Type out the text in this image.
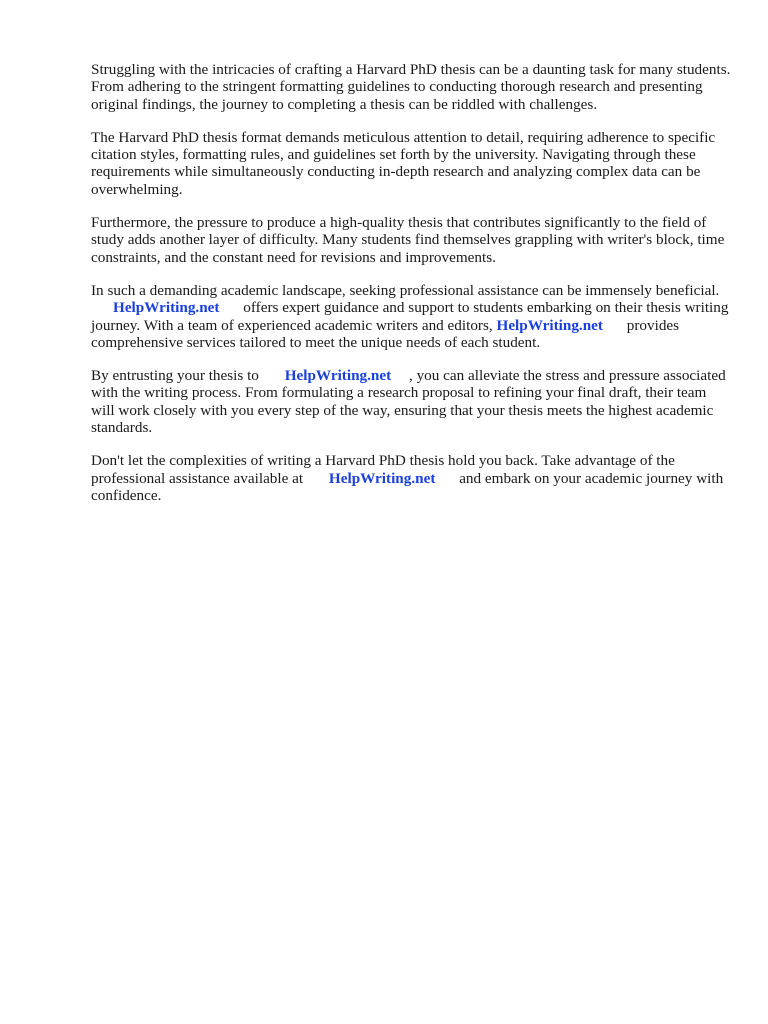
Struggling with the intricacies of crafting a Harvard PhD thesis can be a daunting task for many students. From adhering to the stringent formatting guidelines to conducting thorough research and presenting original findings, the journey to completing a thesis can be riddled with challenges.

The Harvard PhD thesis format demands meticulous attention to detail, requiring adherence to specific citation styles, formatting rules, and guidelines set forth by the university. Navigating through these requirements while simultaneously conducting in-depth research and analyzing complex data can be overwhelming.

Furthermore, the pressure to produce a high-quality thesis that contributes significantly to the field of study adds another layer of difficulty. Many students find themselves grappling with writer's block, time constraints, and the constant need for revisions and improvements.

In such a demanding academic landscape, seeking professional assistance can be immensely beneficial. HelpWriting.net offers expert guidance and support to students embarking on their thesis writing journey. With a team of experienced academic writers and editors, HelpWriting.net provides comprehensive services tailored to meet the unique needs of each student.

By entrusting your thesis to HelpWriting.net , you can alleviate the stress and pressure associated with the writing process. From formulating a research proposal to refining your final draft, their team will work closely with you every step of the way, ensuring that your thesis meets the highest academic standards.

Don't let the complexities of writing a Harvard PhD thesis hold you back. Take advantage of the professional assistance available at HelpWriting.net and embark on your academic journey with confidence.
